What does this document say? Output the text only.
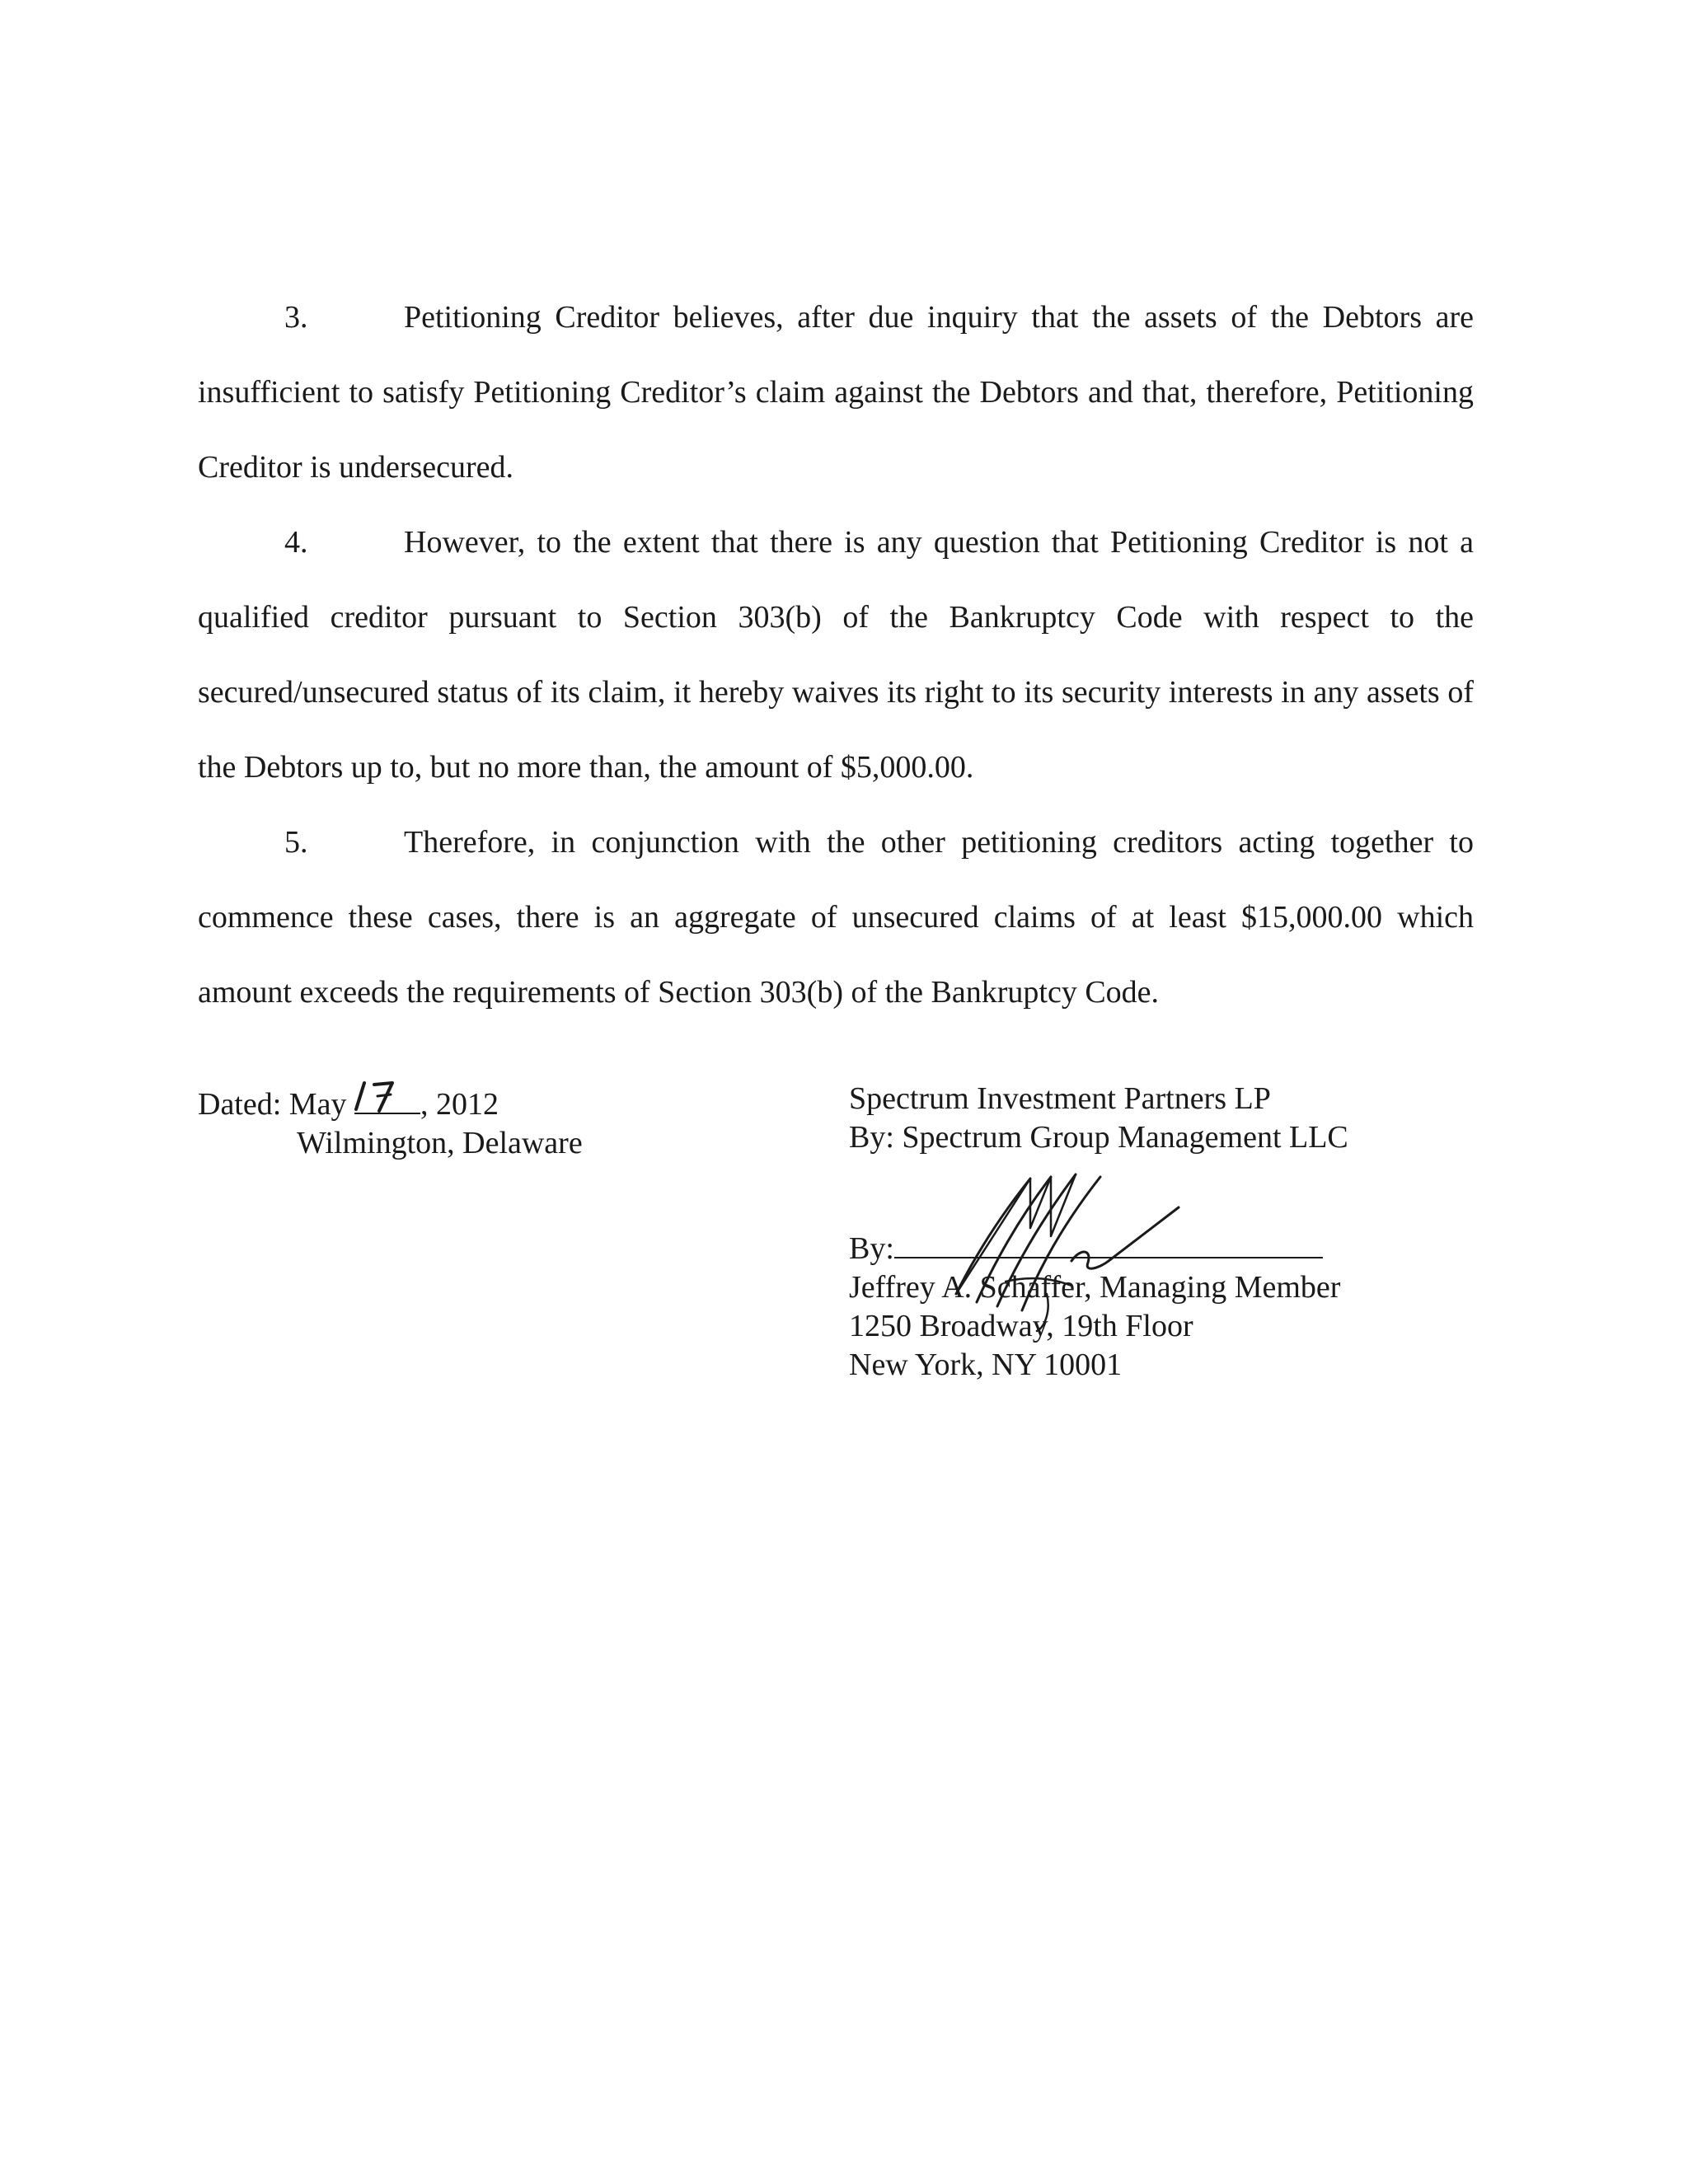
3.	Petitioning Creditor believes, after due inquiry that the assets of the Debtors are insufficient to satisfy Petitioning Creditor’s claim against the Debtors and that, therefore, Petitioning Creditor is undersecured.

4.	However, to the extent that there is any question that Petitioning Creditor is not a qualified creditor pursuant to Section 303(b) of the Bankruptcy Code with respect to the secured/unsecured status of its claim, it hereby waives its right to its security interests in any assets of the Debtors up to, but no more than, the amount of $5,000.00.

5.	Therefore, in conjunction with the other petitioning creditors acting together to commence these cases, there is an aggregate of unsecured claims of at least $15,000.00 which amount exceeds the requirements of Section 303(b) of the Bankruptcy Code.

Dated: May , 2012
Wilmington, Delaware
Spectrum Investment Partners LP
By: Spectrum Group Management LLC
By:
Jeffrey A. Schaffer, Managing Member
1250 Broadway, 19th Floor
New York, NY 10001
